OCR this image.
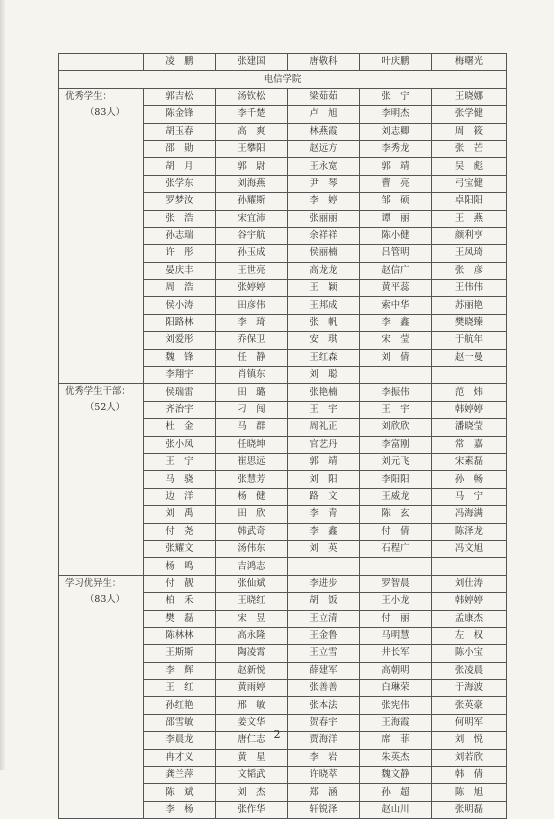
	凌　鹏	张建国	唐敬科	叶庆鹏	梅曙光
电信学院					

优秀学生：
（83人）	郭吉松	汤钦松	梁茹茹	张　宁	王晓娜
	陈金锋	李千楚	卢　旭	李明杰	张学健
	胡玉春	高　爽	林燕霞	刘志卿	周　筱
	邵　勋	王攀阳	赵远方	李秀龙	张　芒
	胡　月	郭　尉	王永宽	郭　靖	吴　彪
	张学东	刘海燕	尹　琴	曹　亮	弓宝健
	罗梦汝	孙耀斯	李　婷	邹　硕	卓阳阳
	张　浩	宋宜沛	张丽丽	谭　丽	王　燕
	孙志瑞	谷宇航	余祥祥	陈小健	颜利亨
	许　彤	孙玉成	侯丽楠	吕管明	王凤琦
	晏庆丰	王世亮	高龙龙	赵信广	张　彦
	周　浩	张婷婷	王　颖	黄平蕊	王伟伟
	侯小涛	田彦伟	王邦成	索中华	苏丽艳
	阳路林	李　琦	张　帆	李　鑫	樊晓臻
	刘爱彤	乔保卫	安　琪	宋　莹	于航年
	魏　锋	任　静	王红森	刘　倩	赵一曼
	李翔宇	肖镇东	刘　聪		

优秀学生干部：
（52人）	侯瑞雷	田　璐	张艳楠	李振伟	范　炜
	齐治宇	刁　闯	王　宇	王　宇	韩婷婷
	杜　金	马　群	周礼正	刘欣欣	潘晓莹
	张小凤	任晓坤	官艺丹	李富刚	常　嘉
	王　宁	崔思远	郭　靖	刘元飞	宋素磊
	马　骁	张慧芳	刘　阳	李阳阳	孙　畅
	边　洋	杨　健	路　文	王威龙	马　宁
	刘　禹	田　欣	李　青	陈　玄	冯海满
	付　尧	韩武奇	李　鑫	付　倩	陈泽龙
	张耀文	汤伟东	刘　英	石程广	冯文旭
	杨　鸣	吉鸿志			

学习优异生：
（83人）	付　靓	张仙斌	李进步	罗智晨	刘仕涛
	柏　禾	王晓红	胡　饭	王小龙	韩婷婷
	樊　磊	宋　昱	王立清	付　丽	孟康杰
	陈林林	高永隆	王金鲁	马明慧	左　权
	王斯斯	陶凌霄	王立雪	井长军	陈小宝
	李　辉	赵新悦	薛建军	高朝明	张凌晨
	王　红	黄雨婷	张善善	白琳荣	于海波
	孙红艳	邢　敏	张本法	张宪伟	张英豪
	邵雪敏	姜文华	贺春宇	王海霞	何明军
	李晨龙	唐仁志	贾海洋	席　菲	刘　悦
	冉才义	黄　星	李　岩	朱英杰	刘若欣
	龚兰萍	文韬武	许晓萃	魏文静	韩　倩
	陈　斌	刘　杰	郑　涵	孙　超	陈　旭
	李　杨	张作华	轩锐泽	赵山川	张明磊
2
